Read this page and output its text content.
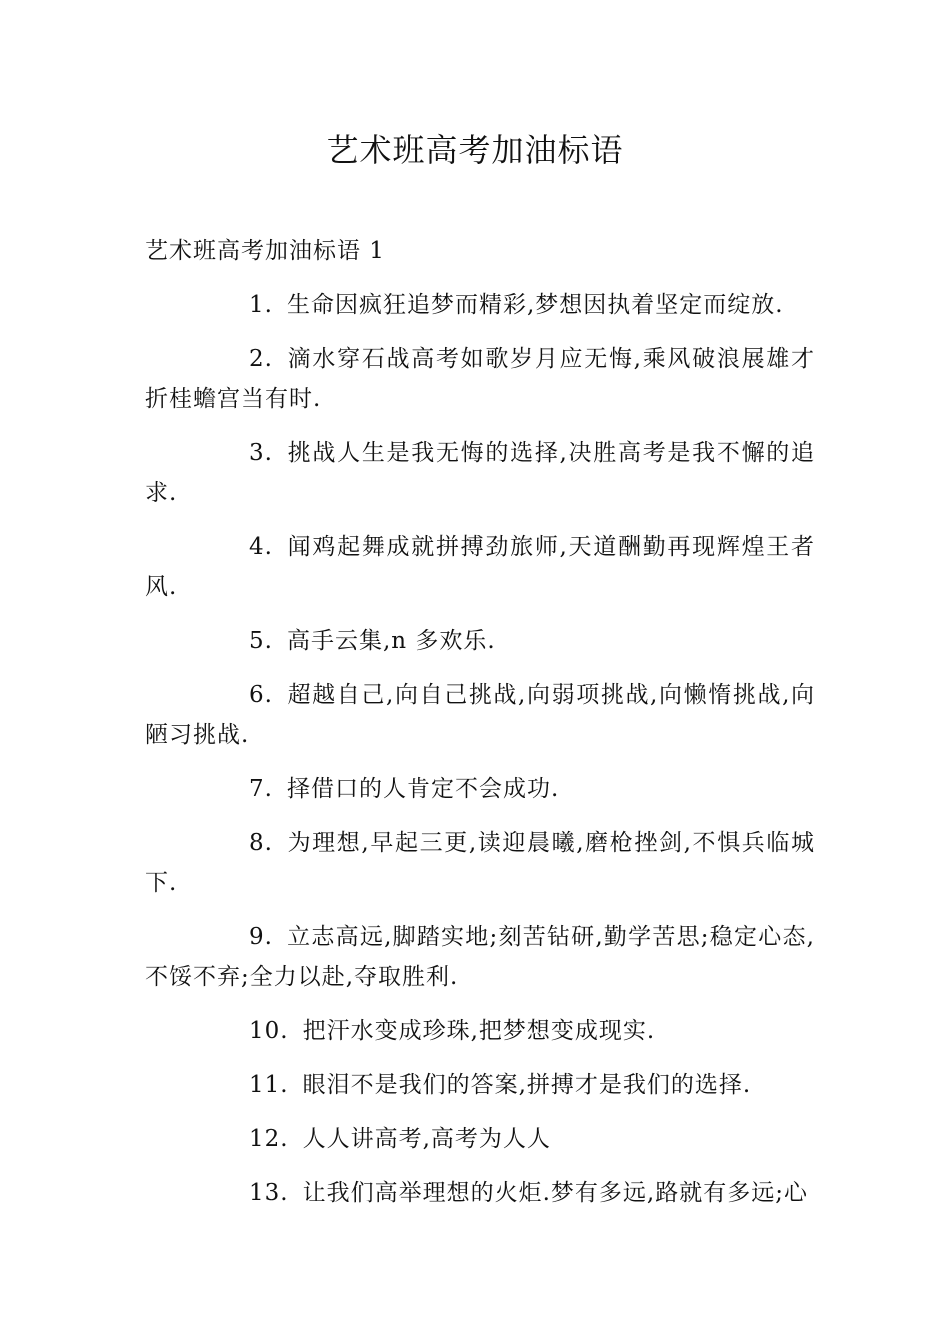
艺术班高考加油标语
艺术班高考加油标语 1
1. 生命因疯狂追梦而精彩,梦想因执着坚定而绽放.
2. 滴水穿石战高考如歌岁月应无悔,乘风破浪展雄才折桂蟾宫当有时.
3. 挑战人生是我无悔的选择,决胜高考是我不懈的追求.
4. 闻鸡起舞成就拼搏劲旅师,天道酬勤再现辉煌王者风.
5. 高手云集,n 多欢乐.
6. 超越自己,向自己挑战,向弱项挑战,向懒惰挑战,向陋习挑战.
7. 择借口的人肯定不会成功.
8. 为理想,早起三更,读迎晨曦,磨枪挫剑,不惧兵临城下.
9. 立志高远,脚踏实地;刻苦钻研,勤学苦思;稳定心态,不馁不弃;全力以赴,夺取胜利.
10. 把汗水变成珍珠,把梦想变成现实.
11. 眼泪不是我们的答案,拼搏才是我们的选择.
12. 人人讲高考,高考为人人
13. 让我们高举理想的火炬.梦有多远,路就有多远;心
